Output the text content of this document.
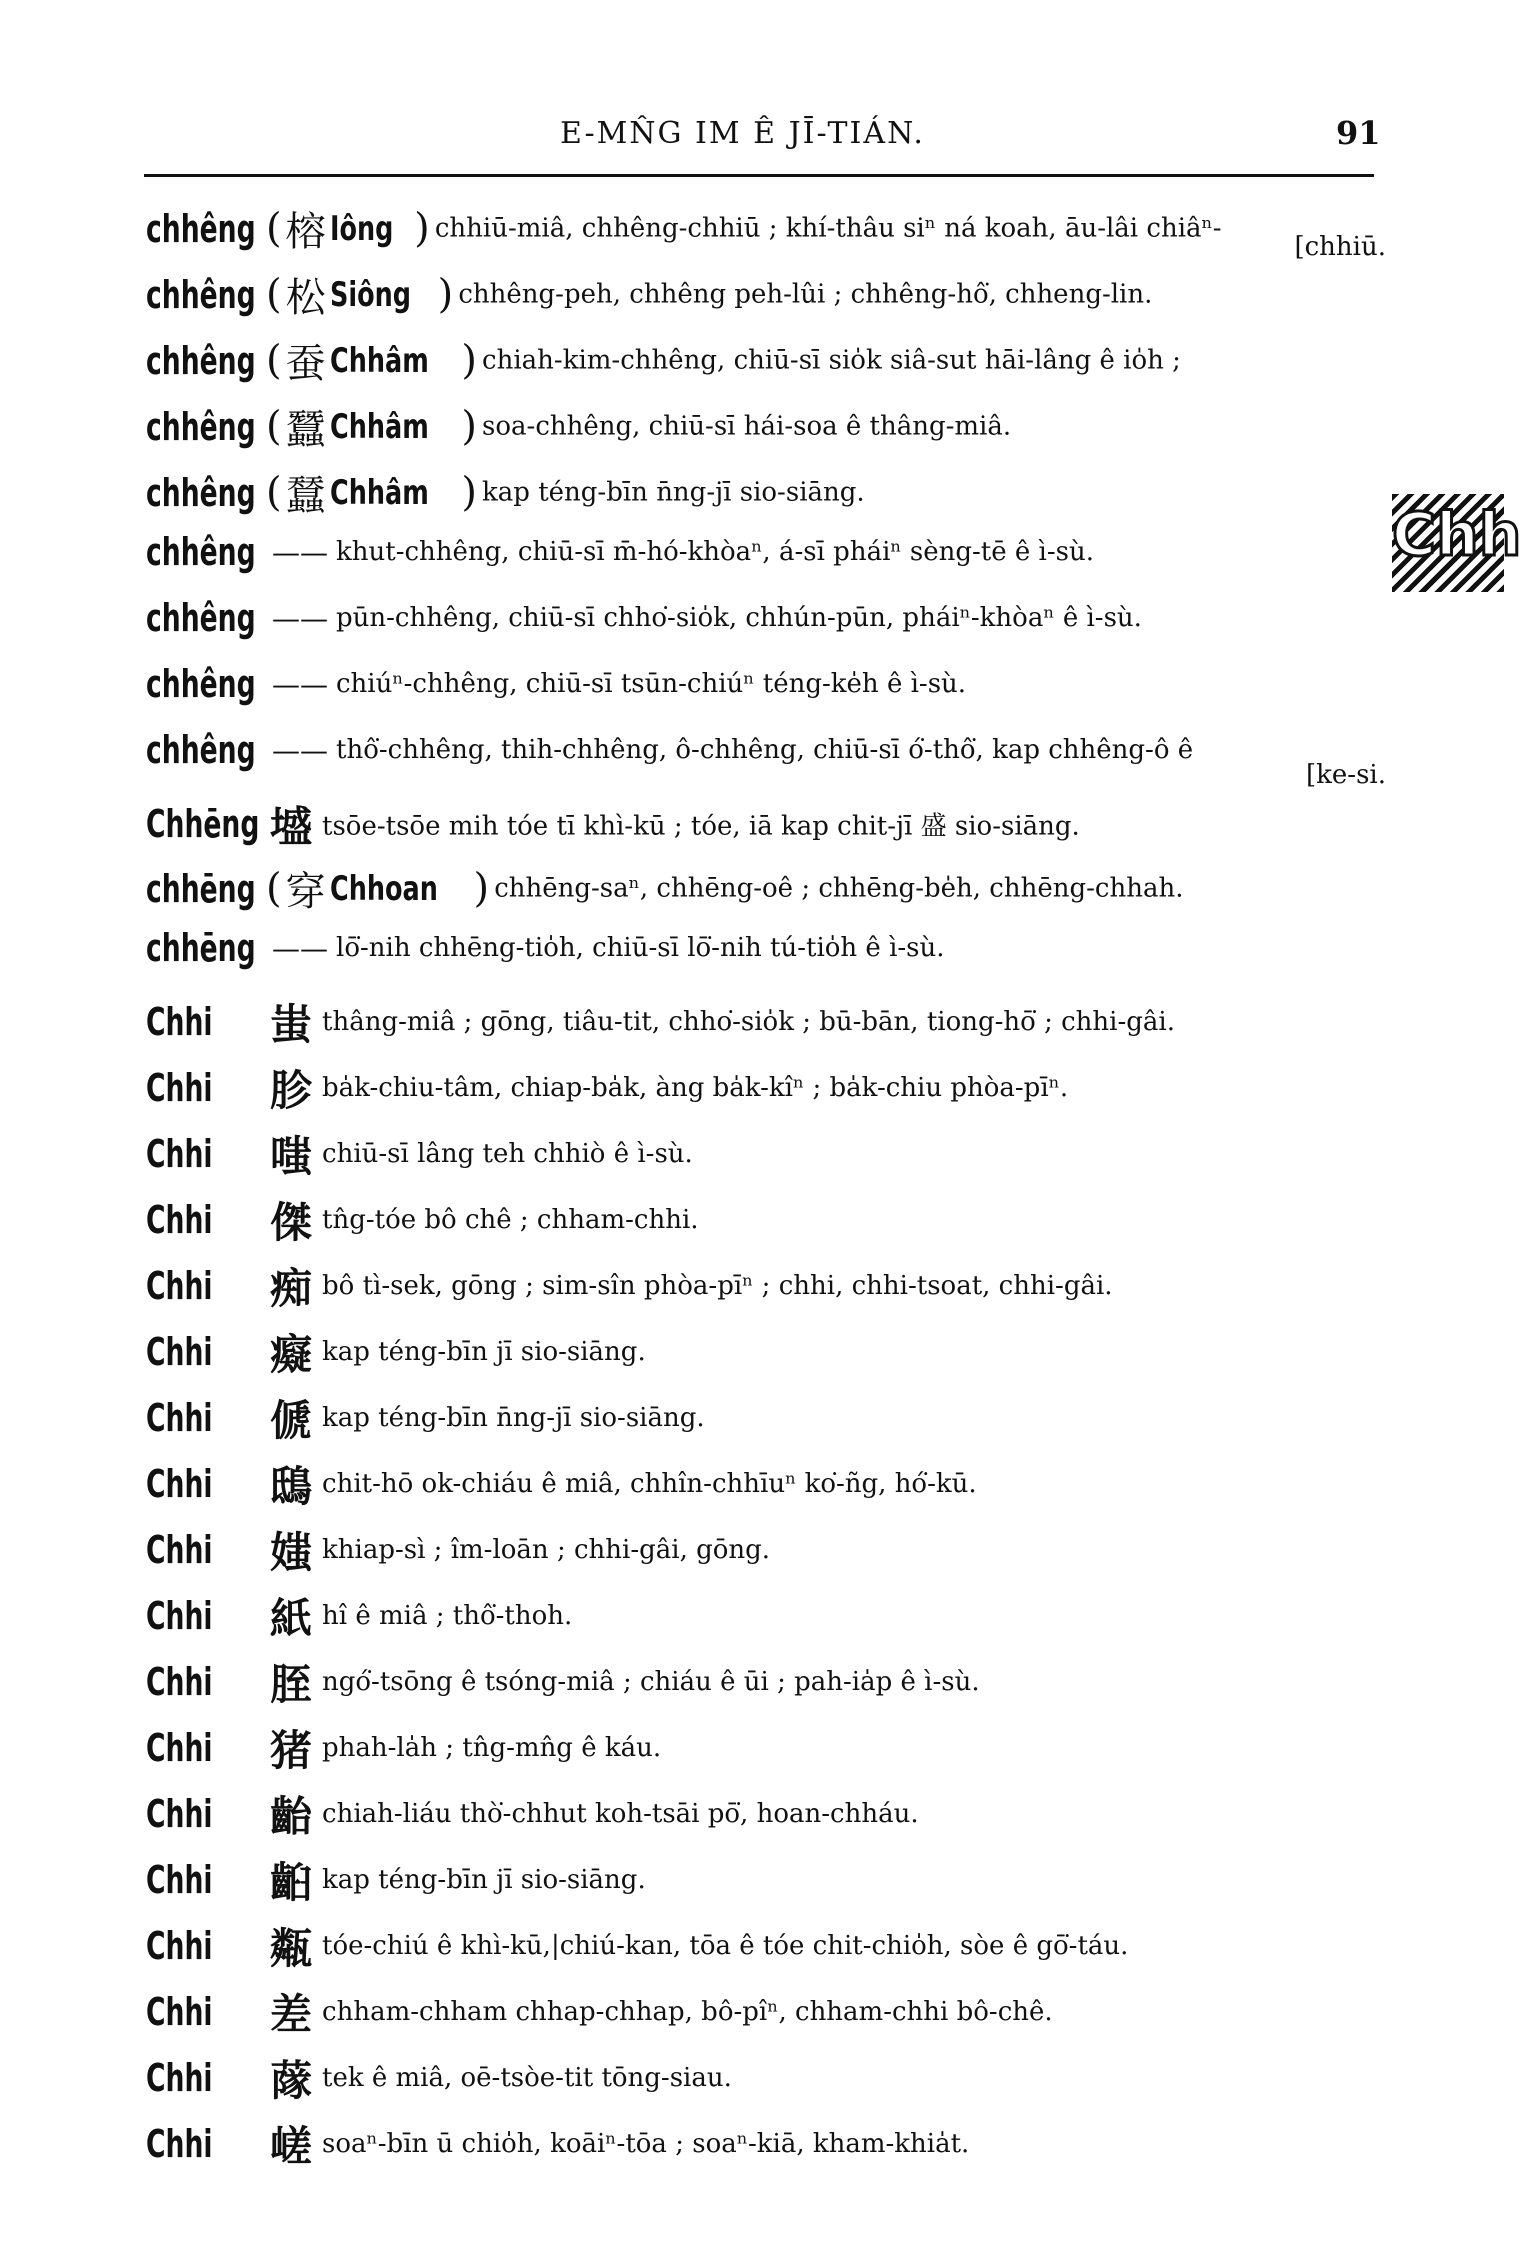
E-MN̂G IM Ê JĪ-TIÁN.	91
chhêng ( 榕 Iông ) chhiū-miâ, chhêng-chhiū ; khí-thâu siⁿ ná koah, āu-lâi chiâⁿ-
[chhiū.
chhêng ( 松 Siông ) chhêng-peh, chhêng peh-lûi ; chhêng-hô͘, chheng-lin.
chhêng ( 蚕 Chhâm ) chiah-kim-chhêng, chiū-sī sio̍k siâ-sut hāi-lâng ê io̍h ;
chhêng ( 蠶 Chhâm ) soa-chhêng, chiū-sī hái-soa ê thâng-miâ.
chhêng ( 蠺 Chhâm ) kap téng-bīn n̄ng-jī sio-siāng.
chhêng —— khut-chhêng, chiū-sī m̄-hó-khòaⁿ, á-sī pháiⁿ sèng-tē ê ì-sù.
chhêng —— pūn-chhêng, chiū-sī chho͘-sio̍k, chhún-pūn, pháiⁿ-khòaⁿ ê ì-sù.
chhêng —— chiúⁿ-chhêng, chiū-sī tsūn-chiúⁿ téng-ke̍h ê ì-sù.
chhêng —— thô͘-chhêng, thih-chhêng, ô-chhêng, chiū-sī ó͘-thô͘, kap chhêng-ô ê
[ke-si.
Chhēng 墭 tsōe-tsōe mih tóe tī khì-kū ; tóe, iā kap chit-jī 盛 sio-siāng.
chhēng ( 穿 Chhoan ) chhēng-saⁿ, chhēng-oê ; chhēng-be̍h, chhēng-chhah.
chhēng —— lō͘-nih chhēng-tio̍h, chiū-sī lō͘-nih tú-tio̍h ê ì-sù.
Chhi 蚩 thâng-miâ ; gōng, tiâu-tit, chho͘-sio̍k ; bū-bān, tiong-hō͘ ; chhi-gâi.
Chhi 胗 ba̍k-chiu-tâm, chiap-ba̍k, àng ba̍k-kîⁿ ; ba̍k-chiu phòa-pīⁿ.
Chhi 嗤 chiū-sī lâng teh chhiò ê ì-sù.
Chhi 傑 tn̂g-tóe bô chê ; chham-chhi.
Chhi 痴 bô tì-sek, gōng ; sim-sîn phòa-pīⁿ ; chhi, chhi-tsoat, chhi-gâi.
Chhi 癡 kap téng-bīn jī sio-siāng.
Chhi 傂 kap téng-bīn n̄ng-jī sio-siāng.
Chhi 鴟 chit-hō ok-chiáu ê miâ, chhîn-chhīuⁿ ko͘-ñg, hó͘-kū.
Chhi 媸 khiap-sì ; îm-loān ; chhi-gâi, gōng.
Chhi 紙 hî ê miâ ; thô͘-thoh.
Chhi 胵 ngó͘-tsōng ê tsóng-miâ ; chiáu ê ūi ; pah-ia̍p ê ì-sù.
Chhi 猪 phah-la̍h ; tn̂g-mn̂g ê káu.
Chhi 齝 chiah-liáu thò͘-chhut koh-tsāi pō͘, hoan-chháu.
Chhi 齨 kap téng-bīn jī sio-siāng.
Chhi 甐 tóe-chiú ê khì-kū,|chiú-kan, tōa ê tóe chit-chio̍h, sòe ê gō͘-táu.
Chhi 差 chham-chham chhap-chhap, bô-pîⁿ, chham-chhi bô-chê.
Chhi 䔹 tek ê miâ, oē-tsòe-tit tōng-siau.
Chhi 嵯 soaⁿ-bīn ū chio̍h, koāiⁿ-tōa ; soaⁿ-kiā, kham-khia̍t.
Chh
